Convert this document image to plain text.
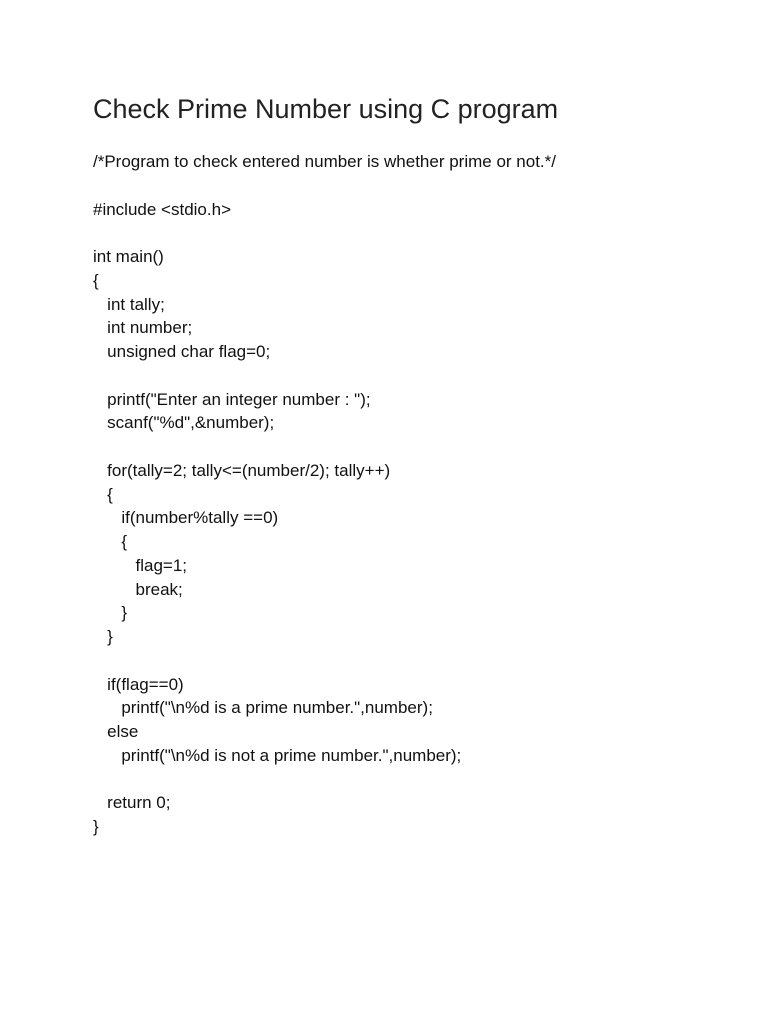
Check Prime Number using C program
/*Program to check entered number is whether prime or not.*/
#include <stdio.h>
int main()
{
int tally;
int number;
unsigned char flag=0;
printf("Enter an integer number : ");
scanf("%d",&number);
for(tally=2; tally<=(number/2); tally++)
{
if(number%tally ==0)
{
flag=1;
break;
}
}
if(flag==0)
printf("\n%d is a prime number.",number);
else
printf("\n%d is not a prime number.",number);
return 0;
}
